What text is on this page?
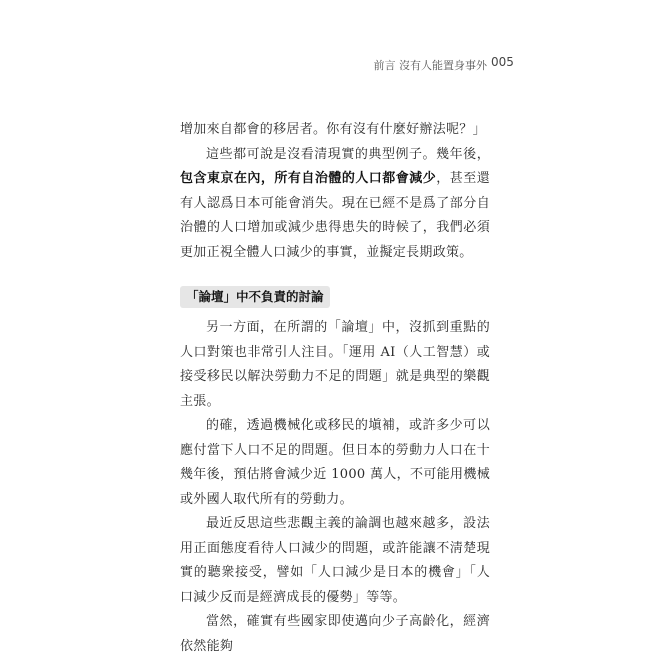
前言 沒有人能置身事外 005

增加來自都會的移居者。你有沒有什麼好辦法呢？」

這些都可說是沒看清現實的典型例子。幾年後，包含東京在內，所有自治體的人口都會減少，甚至還有人認爲日本可能會消失。現在已經不是爲了部分自治體的人口增加或減少患得患失的時候了，我們必須更加正視全體人口減少的事實，並擬定長期政策。

「論壇」中不負責的討論

另一方面，在所謂的「論壇」中，沒抓到重點的人口對策也非常引人注目。「運用 AI（人工智慧）或接受移民以解決勞動力不足的問題」就是典型的樂觀主張。

的確，透過機械化或移民的塡補，或許多少可以應付當下人口不足的問題。但日本的勞動力人口在十幾年後，預估將會減少近 1000 萬人，不可能用機械或外國人取代所有的勞動力。

最近反思這些悲觀主義的論調也越來越多，設法用正面態度看待人口減少的問題，或許能讓不淸楚現實的聽衆接受，譬如「人口減少是日本的機會」「人口減少反而是經濟成長的優勢」等等。

當然，確實有些國家即使邁向少子高齡化，經濟依然能夠
